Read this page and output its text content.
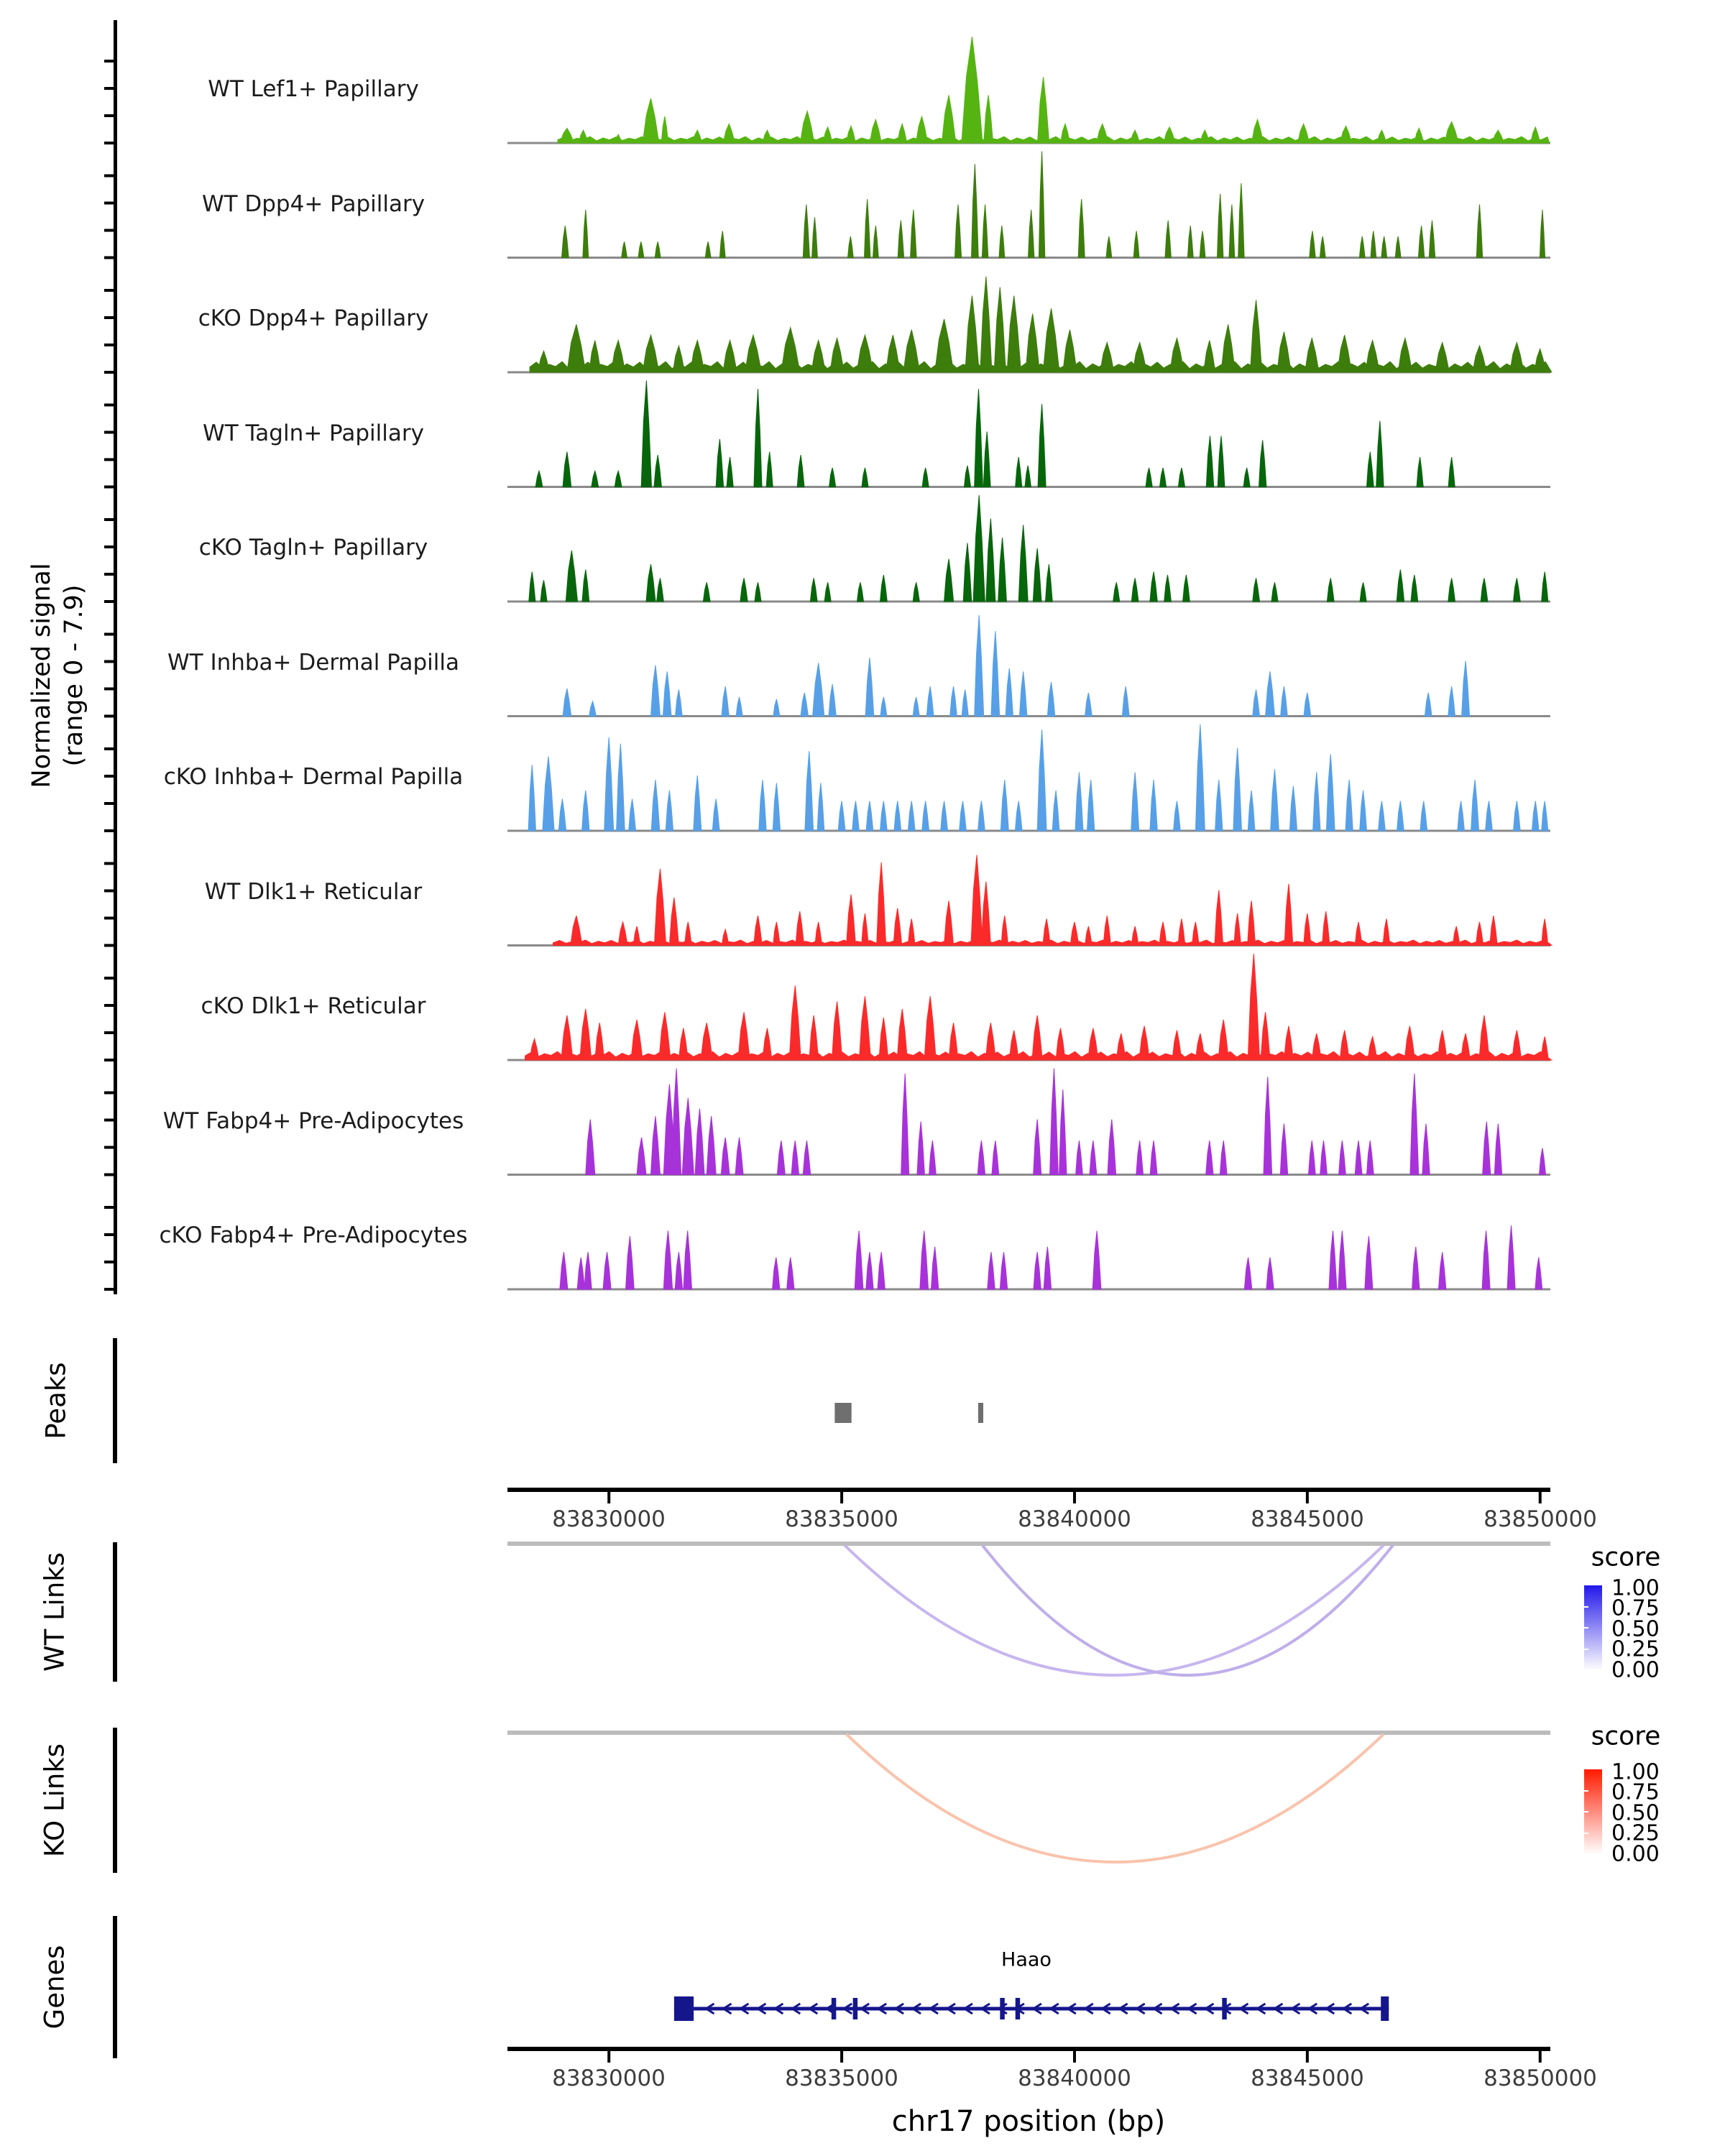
Normalized signal (range 0 - 7.9)
Peaks
WT Links
KO Links
Genes
score
1.00
0.75
0.50
0.25
0.00
score
1.00
0.75
0.50
0.25
0.00
Haao
chr17 position (bp)
WT Lef1+ Papillary
WT Dpp4+ Papillary
cKO Dpp4+ Papillary
WT Tagln+ Papillary
cKO Tagln+ Papillary
WT Inhba+ Dermal Papilla
cKO Inhba+ Dermal Papilla
WT Dlk1+ Reticular
cKO Dlk1+ Reticular
WT Fabp4+ Pre-Adipocytes
cKO Fabp4+ Pre-Adipocytes
83830000	83835000	83840000	83845000	83850000
83830000	83835000	83840000	83845000	83850000
